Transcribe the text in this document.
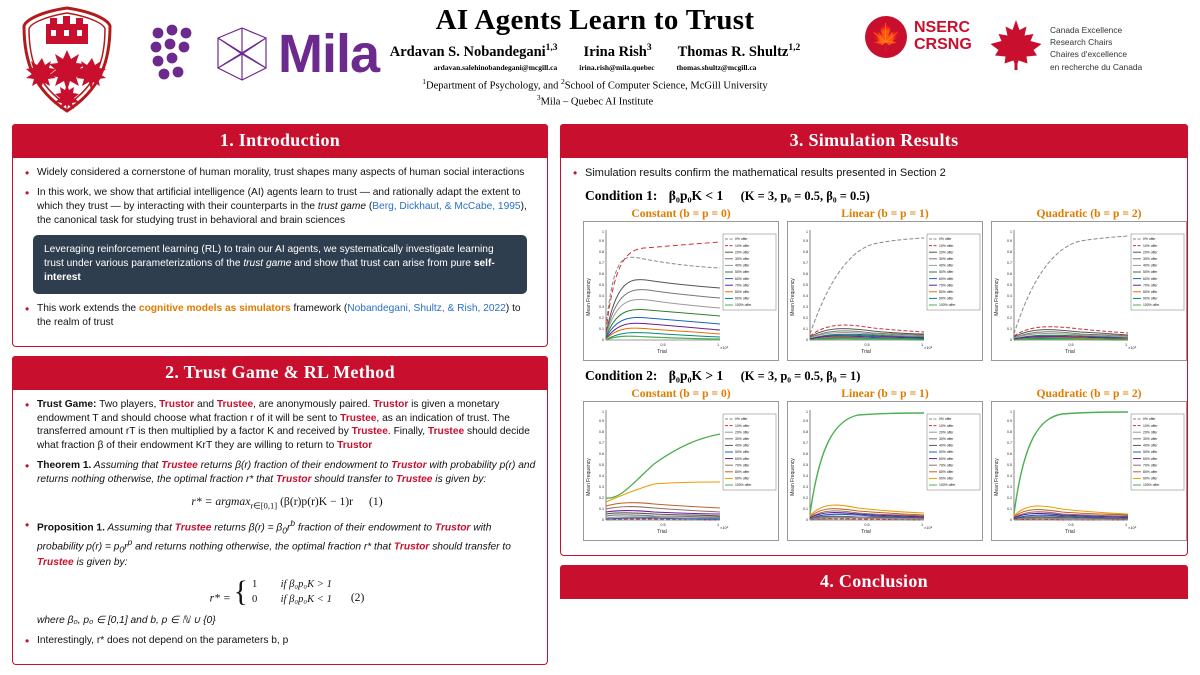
Mila
AI Agents Learn to Trust
Ardavan S. Nobandegani$^{1,3}$ Irina Rish$^3$ Thomas R. Shultz$^{1,2}$
ardavan.salehinobandegani@mcgill.ca	irina.rish@mila.quebec	thomas.shultz@mcgill.ca
$^1$Department of Psychology, and $^2$School of Computer Science, McGill University
$^3$Mila – Quebec AI Institute
🍁 NSERC
CRSNG
Canada Excellence
Research Chairs
Chaires d'excellence
en recherche du Canada
1. Introduction
• Widely considered a cornerstone of human morality, trust shapes many aspects of human social interactions
• In this work, we show that artificial intelligence (AI) agents learn to trust — and rationally adapt the extent to which they trust — by interacting with their counterparts in the trust game (Berg, Dickhaut, & McCabe, 1995), the canonical task for studying trust in behavioral and brain sciences
Leveraging reinforcement learning (RL) to train our AI agents, we systematically investigate learning trust under various parameterizations of the trust game and show that trust can arise from pure self-interest
• This work extends the cognitive models as simulators framework (Nobandegani, Shultz, & Rish, 2022) to the realm of trust
2. Trust Game & RL Method
• Trust Game: Two players, Trustor and Trustee, are anonymously paired. Trustor is given a monetary endowment T and should choose what fraction r of it will be sent to Trustee, as an indication of trust. The transferred amount rT is then multiplied by a factor K and received by Trustee. Finally, Trustee should decide what fraction β of their endowment KrT they are willing to return to Trustor
• Theorem 1. Assuming that Trustee returns β(r) fraction of their endowment to Trustor with probability p(r) and returns nothing otherwise, the optimal fraction r* that Trustor should transfer to Trustee is given by:
r* = argmax$_{r\in[0,1]}$ (β(r)p(r)K − 1)r (1)
• Proposition 1. Assuming that Trustee returns $\beta(r) = \beta_0r^b$ fraction of their endowment to Trustor with probability $p(r) = p_0r^p$ and returns nothing otherwise, the optimal fraction r* that Trustor should transfer to Trustee is given by:
r* = { 1 if β₀p₀K > 1
0 if β₀p₀K < 1 (2)
where β₀, p₀ ∈ [0,1] and b, p ∈ ℕ ∪ {0}
• Interestingly, r* does not depend on the parameters b, p
3. Simulation Results
• Simulation results confirm the mathematical results presented in Section 2
Condition 1: β₀p₀K < 1 (K = 3, p₀ = 0.5, β₀ = 0.5)
Constant (b = p = 0)
Mean Frequency
Trial
×10⁵
0
0.1
0.2
0.3
0.4
0.5
0.6
0.7
0.8
0.9
1
0.5	1
0% offer
10% offer
20% offer
30% offer
40% offer
50% offer
60% offer
70% offer
80% offer
90% offer
100% offer
Linear (b = p = 1)
Mean Frequency
Trial
×10⁵
0
0.1
0.2
0.3
0.4
0.5
0.6
0.7
0.8
0.9
1
0.5	1
0% offer
10% offer
20% offer
30% offer
40% offer
50% offer
60% offer
70% offer
80% offer
90% offer
100% offer
Quadratic (b = p = 2)
Mean Frequency
Trial
×10⁵
0
0.1
0.2
0.3
0.4
0.5
0.6
0.7
0.8
0.9
1
0.5	1
0% offer
10% offer
20% offer
30% offer
40% offer
50% offer
60% offer
70% offer
80% offer
90% offer
100% offer
Condition 2: β₀p₀K > 1 (K = 3, p₀ = 0.5, β₀ = 1)
Constant (b = p = 0)
Mean Frequency
Trial
×10⁵
0
0.1
0.2
0.3
0.4
0.5
0.6
0.7
0.8
0.9
1
0.5	1
0% offer
10% offer
20% offer
30% offer
40% offer
50% offer
60% offer
70% offer
80% offer
90% offer
100% offer
Linear (b = p = 1)
Mean Frequency
Trial
×10⁵
0
0.1
0.2
0.3
0.4
0.5
0.6
0.7
0.8
0.9
1
0.5	1
0% offer
10% offer
20% offer
30% offer
40% offer
50% offer
60% offer
70% offer
80% offer
90% offer
100% offer
Quadratic (b = p = 2)
Mean Frequency
Trial
×10⁵
0
0.1
0.2
0.3
0.4
0.5
0.6
0.7
0.8
0.9
1
0.5	1
0% offer
10% offer
20% offer
30% offer
40% offer
50% offer
60% offer
70% offer
80% offer
90% offer
100% offer
4. Conclusion
